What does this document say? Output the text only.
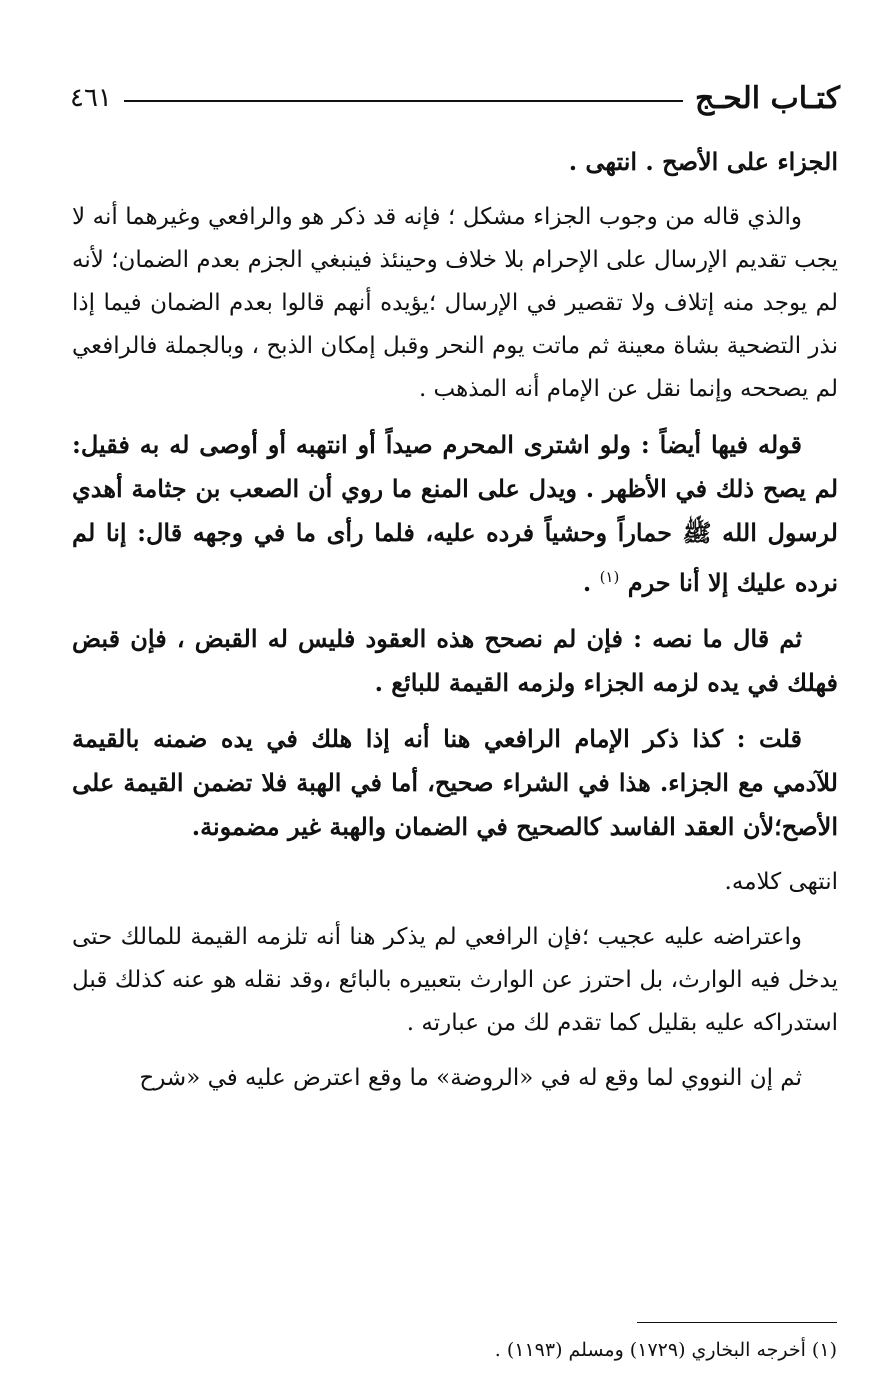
كتـاب الحـج
٤٦١

الجزاء على الأصح . انتهى .

والذي قاله من وجوب الجزاء مشكل ؛ فإنه قد ذكر هو والرافعي وغيرهما أنه لا يجب تقديم الإرسال على الإحرام بلا خلاف وحينئذ فينبغي الجزم بعدم الضمان؛ لأنه لم يوجد منه إتلاف ولا تقصير في الإرسال ؛يؤيده أنهم قالوا بعدم الضمان فيما إذا نذر التضحية بشاة معينة ثم ماتت يوم النحر وقبل إمكان الذبح ، وبالجملة فالرافعي لم يصححه وإنما نقل عن الإمام أنه المذهب .

قوله فيها أيضاً : ولو اشترى المحرم صيداً أو انتهبه أو أوصى له به فقيل: لم يصح ذلك في الأظهر . ويدل على المنع ما روي أن الصعب بن جثامة أهدي لرسول الله ﷺ حماراً وحشياً فرده عليه، فلما رأى ما في وجهه قال: إنا لم نرده عليك إلا أنا حرم $^{(١)}$ .

ثم قال ما نصه : فإن لم نصحح هذه العقود فليس له القبض ، فإن قبض فهلك في يده لزمه الجزاء ولزمه القيمة للبائع .

قلت : كذا ذكر الإمام الرافعي هنا أنه إذا هلك في يده ضمنه بالقيمة للآدمي مع الجزاء. هذا في الشراء صحيح، أما في الهبة فلا تضمن القيمة على الأصح؛لأن العقد الفاسد كالصحيح في الضمان والهبة غير مضمونة.

انتهى كلامه.

واعتراضه عليه عجيب ؛فإن الرافعي لم يذكر هنا أنه تلزمه القيمة للمالك حتى يدخل فيه الوارث، بل احترز عن الوارث بتعبيره بالبائع ،وقد نقله هو عنه كذلك قبل استدراكه عليه بقليل كما تقدم لك من عبارته .

ثم إن النووي لما وقع له في «الروضة» ما وقع اعترض عليه في «شرح

(١) أخرجه البخاري (١٧٢٩) ومسلم (١١٩٣) .
